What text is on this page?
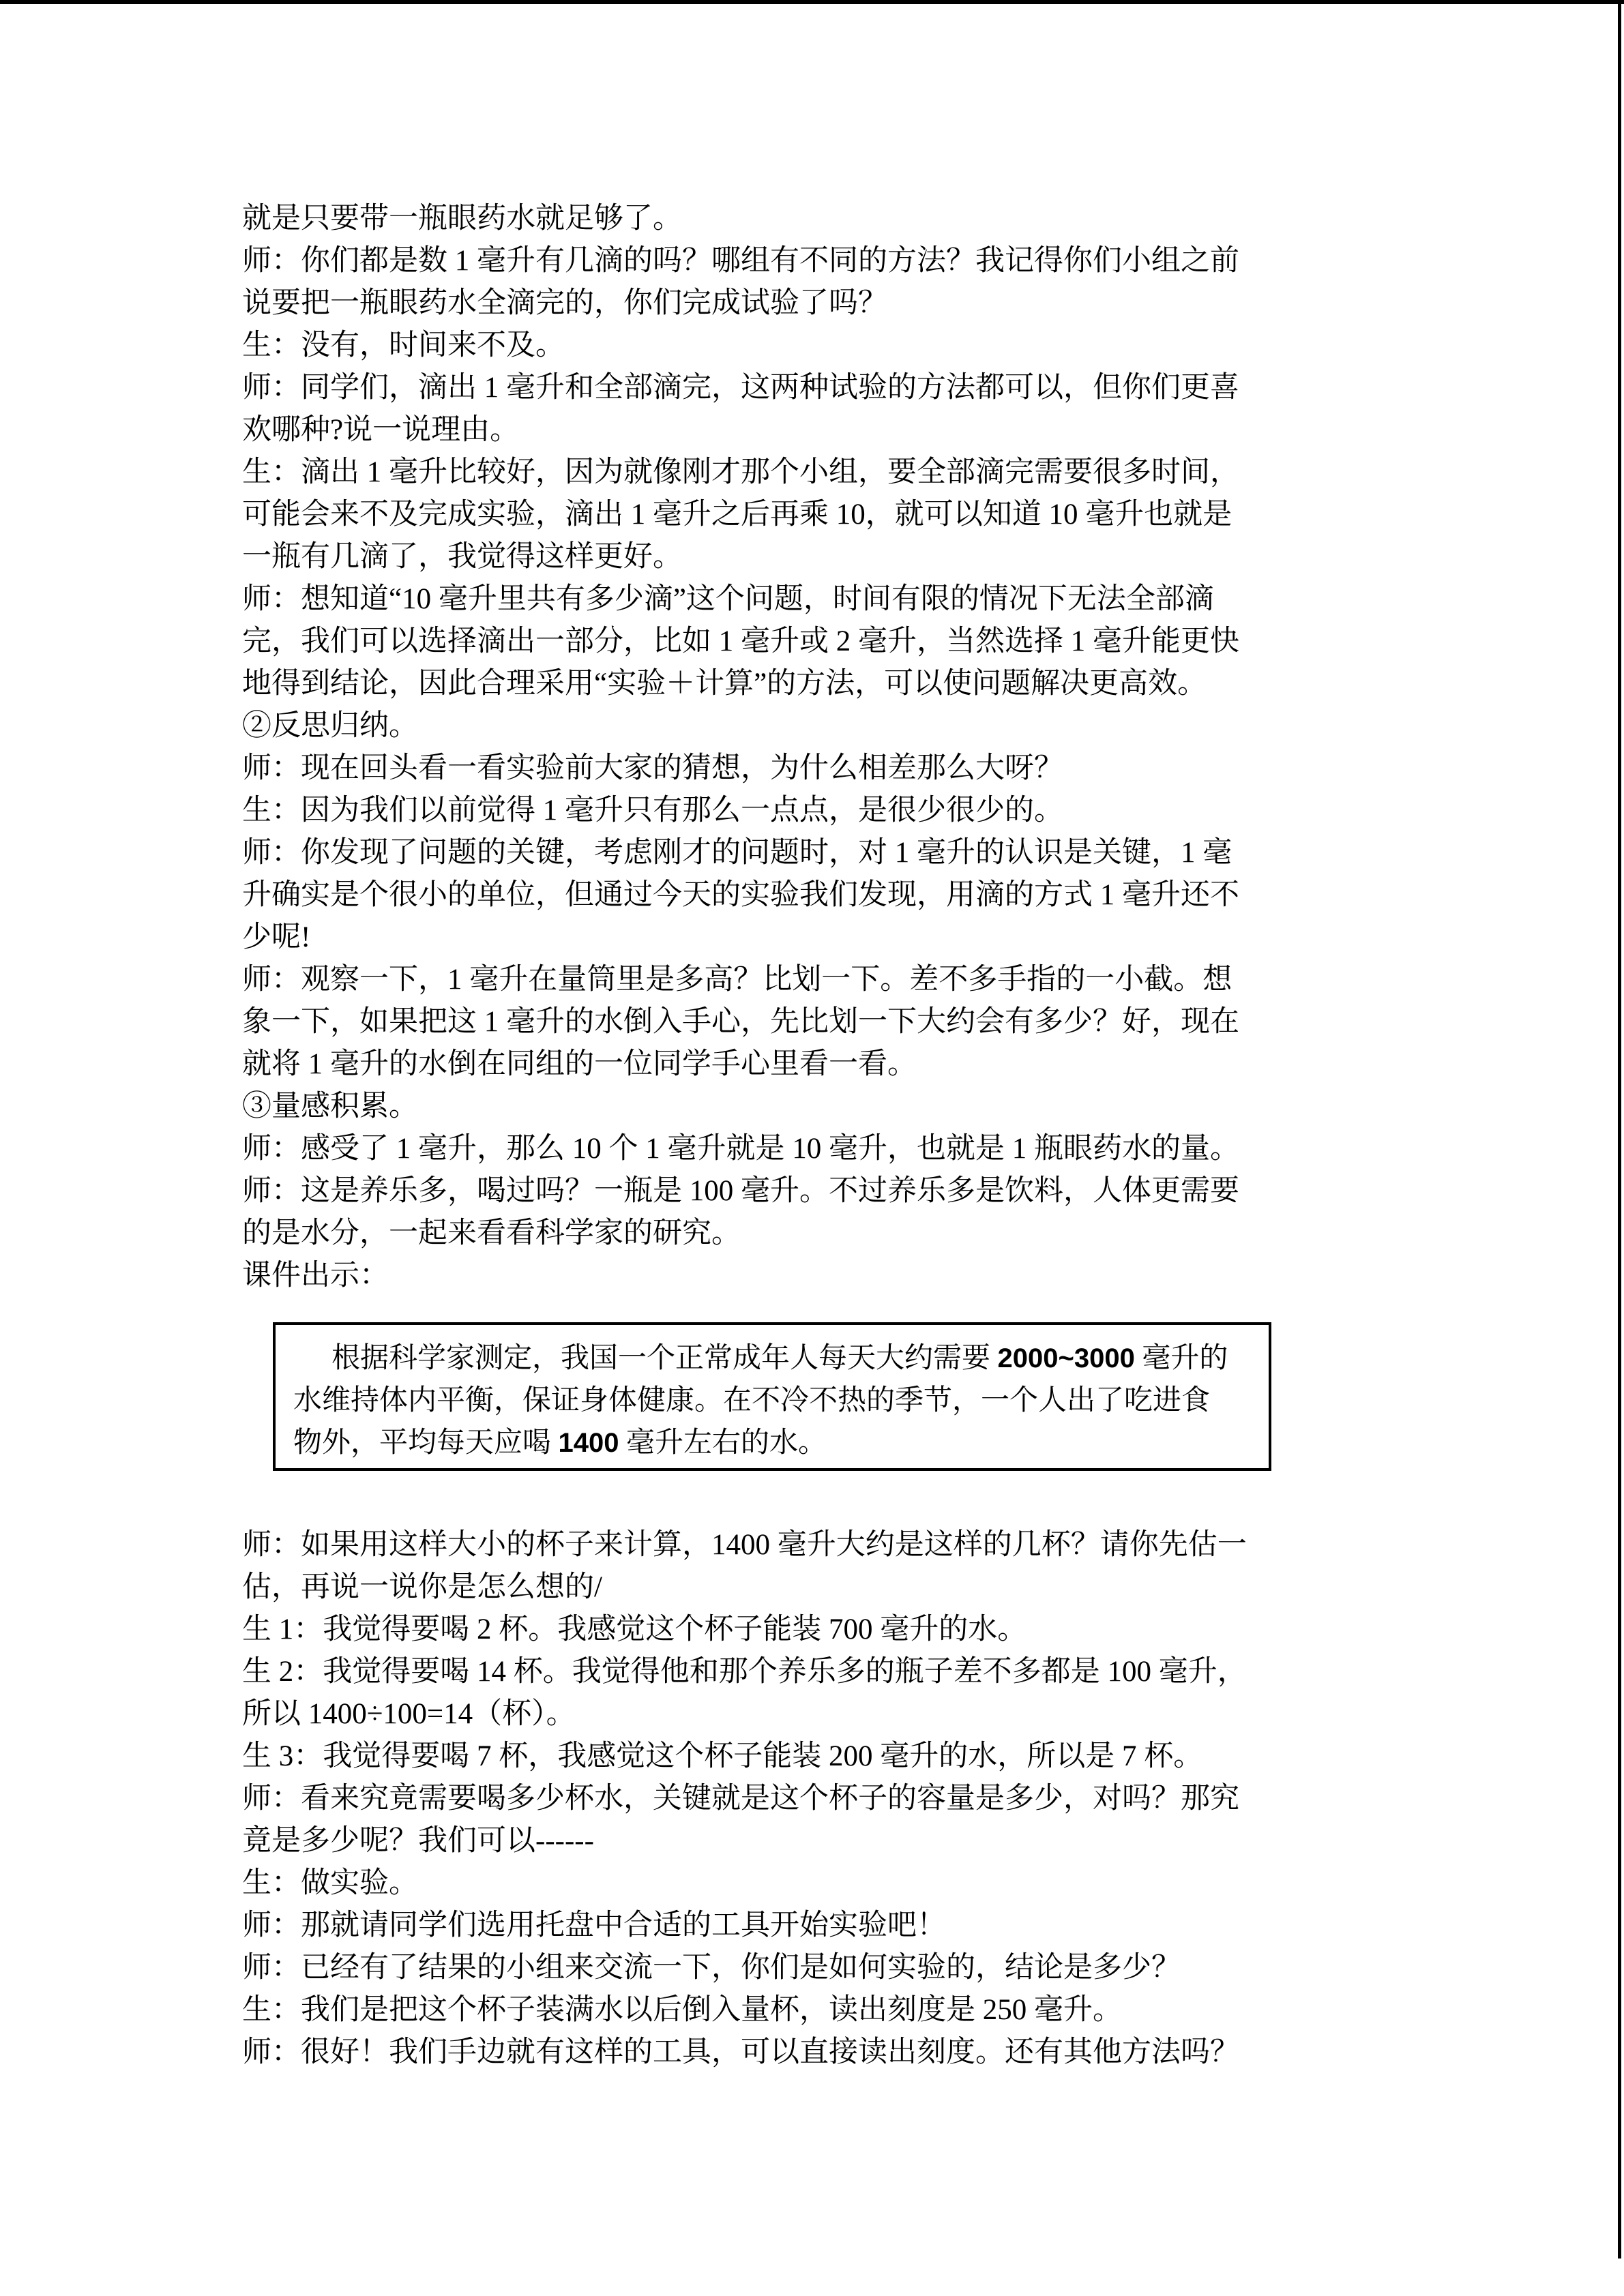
就是只要带一瓶眼药水就足够了。
师：你们都是数 1 毫升有几滴的吗？哪组有不同的方法？我记得你们小组之前
说要把一瓶眼药水全滴完的，你们完成试验了吗？
生：没有，时间来不及。
师：同学们，滴出 1 毫升和全部滴完，这两种试验的方法都可以，但你们更喜
欢哪种?说一说理由。
生：滴出 1 毫升比较好，因为就像刚才那个小组，要全部滴完需要很多时间，
可能会来不及完成实验，滴出 1 毫升之后再乘 10，就可以知道 10 毫升也就是
一瓶有几滴了，我觉得这样更好。
师：想知道“10 毫升里共有多少滴”这个问题，时间有限的情况下无法全部滴
完，我们可以选择滴出一部分，比如 1 毫升或 2 毫升，当然选择 1 毫升能更快
地得到结论，因此合理采用“实验＋计算”的方法，可以使问题解决更高效。
②反思归纳。
师：现在回头看一看实验前大家的猜想，为什么相差那么大呀？
生：因为我们以前觉得 1 毫升只有那么一点点，是很少很少的。
师：你发现了问题的关键，考虑刚才的问题时，对 1 毫升的认识是关键，1 毫
升确实是个很小的单位，但通过今天的实验我们发现，用滴的方式 1 毫升还不
少呢!
师：观察一下，1 毫升在量筒里是多高？比划一下。差不多手指的一小截。想
象一下，如果把这 1 毫升的水倒入手心，先比划一下大约会有多少？好，现在
就将 1 毫升的水倒在同组的一位同学手心里看一看。
③量感积累。
师：感受了 1 毫升，那么 10 个 1 毫升就是 10 毫升，也就是 1 瓶眼药水的量。
师：这是养乐多，喝过吗？一瓶是 100 毫升。不过养乐多是饮料，人体更需要
的是水分，一起来看看科学家的研究。
课件出示：
根据科学家测定，我国一个正常成年人每天大约需要 2000~3000 毫升的
水维持体内平衡，保证身体健康。在不冷不热的季节，一个人出了吃进食
物外，平均每天应喝 1400 毫升左右的水。
师：如果用这样大小的杯子来计算，1400 毫升大约是这样的几杯？请你先估一
估，再说一说你是怎么想的/
生 1：我觉得要喝 2 杯。我感觉这个杯子能装 700 毫升的水。
生 2：我觉得要喝 14 杯。我觉得他和那个养乐多的瓶子差不多都是 100 毫升，
所以 1400÷100=14（杯）。
生 3：我觉得要喝 7 杯，我感觉这个杯子能装 200 毫升的水，所以是 7 杯。
师：看来究竟需要喝多少杯水，关键就是这个杯子的容量是多少，对吗？那究
竟是多少呢？我们可以------
生：做实验。
师：那就请同学们选用托盘中合适的工具开始实验吧！
师：已经有了结果的小组来交流一下，你们是如何实验的，结论是多少？
生：我们是把这个杯子装满水以后倒入量杯，读出刻度是 250 毫升。
师：很好！我们手边就有这样的工具，可以直接读出刻度。还有其他方法吗？
